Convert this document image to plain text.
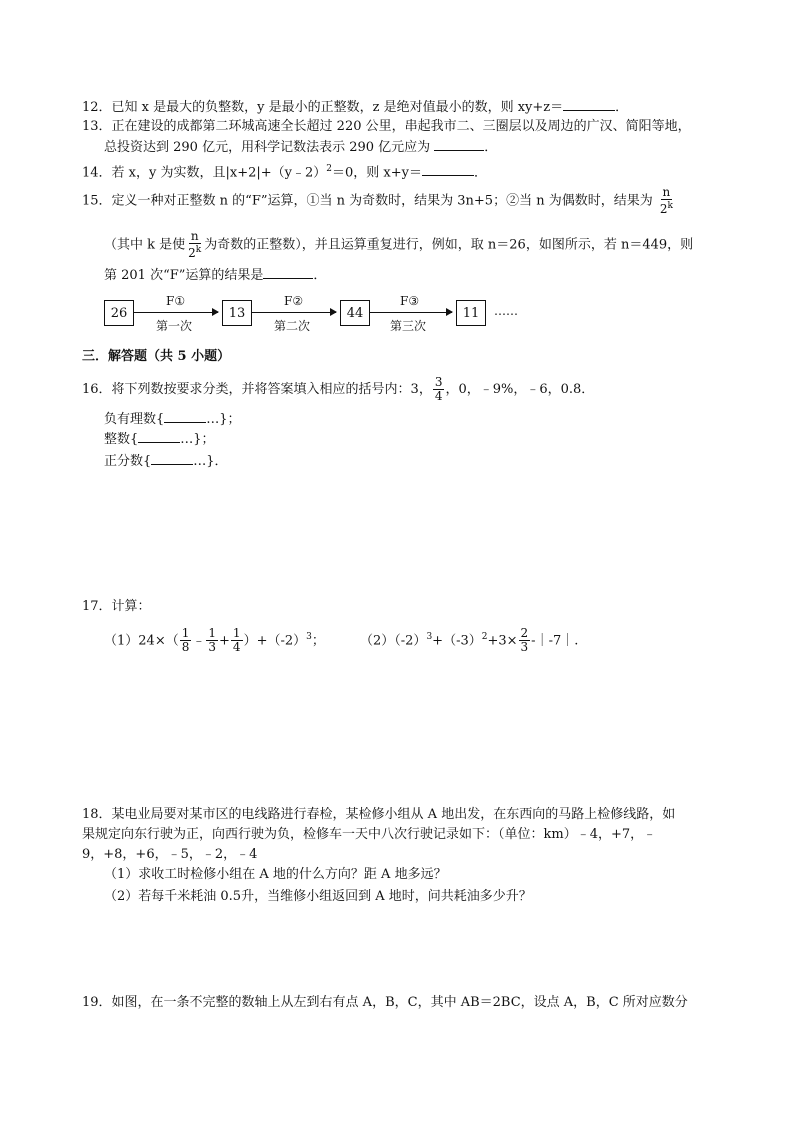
12．已知 x 是最大的负整数，y 是最小的正整数，z 是绝对值最小的数，则 xy+z＝	．
13．正在建设的成都第二环城高速全长超过 220 公里，串起我市二、三圈层以及周边的广汉、简阳等地，
总投资达到 290 亿元，用科学记数法表示 290 亿元应为	．
14．若 x，y 为实数，且|x+2|+（y﹣2）$^2$＝0，则 x+y＝	．
15．定义一种对正整数 n 的“F”运算，①当 n 为奇数时，结果为 3n+5；②当 n 为偶数时，结果为 $\frac{n}{2^k}$
（其中 k 是使 $\frac{n}{2^k}$ 为奇数的正整数），并且运算重复进行，例如，取 n＝26，如图所示，若 n＝449，则
第 201 次“F”运算的结果是	．
26
F①
第一次
13
F②
第二次
44
F③
第三次
11	……
三．解答题（共 5 小题）
16．将下列数按要求分类，并将答案填入相应的括号内：3， $\frac{3}{4}$ ，0，﹣9%，﹣6，0.8．
负有理数{	…}；
整数{	…}；
正分数{	…}．
17．计算：
$(1)24\times( \frac{1}{8}$ ﹣ $\frac{1}{3} + \frac{1}{4} )+(-2)^3$；	$(2)(-2)^3+(-3)^2+3\times \frac{2}{3}$ -｜-7｜.
18．某电业局要对某市区的电线路进行春检，某检修小组从 A 地出发，在东西向的马路上检修线路，如
果规定向东行驶为正，向西行驶为负，检修车一天中八次行驶记录如下：（单位：km）﹣4，+7，﹣
9，+8，+6，﹣5，﹣2，﹣4
（1）求收工时检修小组在 A 地的什么方向？距 A 地多远？
（2）若每千米耗油 0.5升，当维修小组返回到 A 地时，问共耗油多少升？
19．如图，在一条不完整的数轴上从左到右有点 A，B，C，其中 AB＝2BC，设点 A，B，C 所对应数分
